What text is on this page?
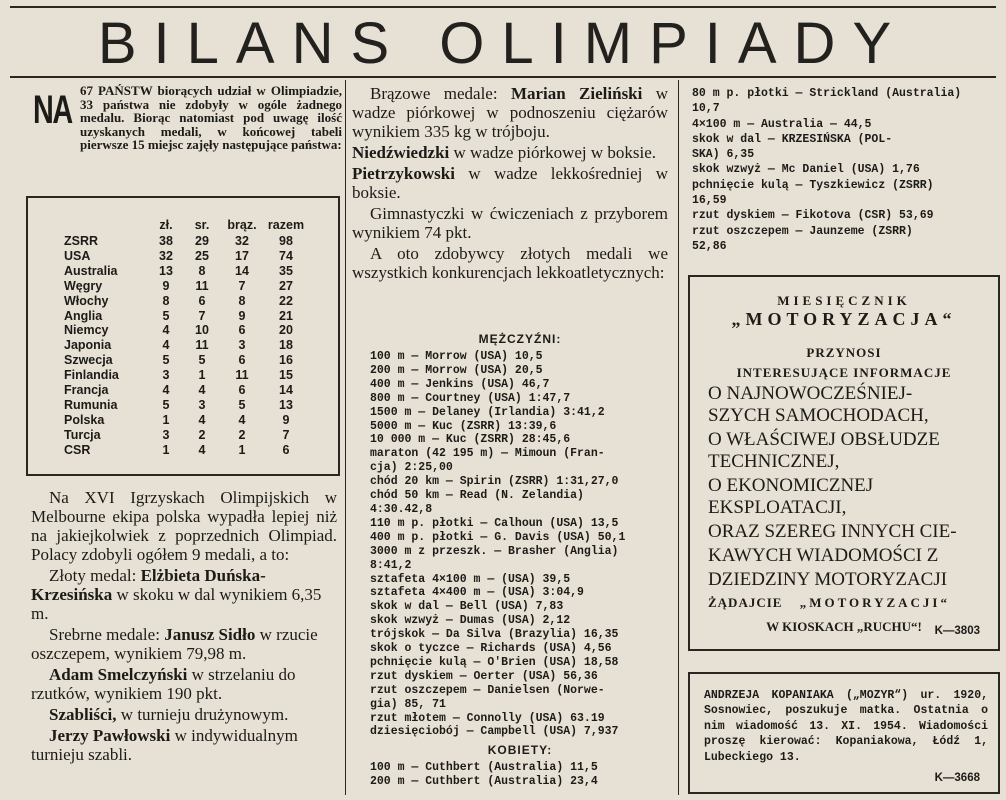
BILANS OLIMPIADY
NA 67 PAŃSTW biorących udział w Olimpiadzie, 33 państwa nie zdobyły w ogóle żadnego medalu. Biorąc natomiast pod uwagę ilość uzyskanych medali, w końcowej tabeli pierwsze 15 miejsc zajęły następujące państwa:
	zł.	sr.	brąz.	razem
ZSRR	38	29	32	98
USA	32	25	17	74
Australia	13	8	14	35
Węgry	9	11	7	27
Włochy	8	6	8	22
Anglia	5	7	9	21
Niemcy	4	10	6	20
Japonia	4	11	3	18
Szwecja	5	5	6	16
Finlandia	3	1	11	15
Francja	4	4	6	14
Rumunia	5	3	5	13
Polska	1	4	4	9
Turcja	3	2	2	7
CSR	1	4	1	6

Na XVI Igrzyskach Olimpijskich w Melbourne ekipa polska wypadła lepiej niż na jakiejkolwiek z poprzednich Olimpiad. Polacy zdobyli ogółem 9 medali, a to:

Złoty medal: Elżbieta Duńska-Krzesińska w skoku w dal wynikiem 6,35 m.

Srebrne medale: Janusz Sidło w rzucie oszczepem, wynikiem 79,98 m.

Adam Smelczyński w strzelaniu do rzutków, wynikiem 190 pkt.

Szabliści, w turnieju drużynowym.

Jerzy Pawłowski w indywidualnym turnieju szabli.

Brązowe medale: Marian Zieliński w wadze piórkowej w podnoszeniu ciężarów wynikiem 335 kg w trójboju.

Niedźwiedzki w wadze piórkowej w boksie.

Pietrzykowski w wadze lekkośredniej w boksie.

Gimnastyczki w ćwiczeniach z przyborem wynikiem 74 pkt.

A oto zdobywcy złotych medali we wszystkich konkurencjach lekkoatletycznych:

MĘŻCZYŹNI:
100 m — Morrow (USA) 10,5
200 m — Morrow (USA) 20,5
400 m — Jenkins (USA) 46,7
800 m — Courtney (USA) 1:47,7
1500 m — Delaney (Irlandia) 3:41,2
5000 m — Kuc (ZSRR) 13:39,6
10 000 m — Kuc (ZSRR) 28:45,6
maraton (42 195 m) — Mimoun (Fran-
cja) 2:25,00
chód 20 km — Spirin (ZSRR) 1:31,27,0
chód 50 km — Read (N. Zelandia)
4:30.42,8
110 m p. płotki — Calhoun (USA) 13,5
400 m p. płotki — G. Davis (USA) 50,1
3000 m z przeszk. — Brasher (Anglia)
8:41,2
sztafeta 4×100 m — (USA) 39,5
sztafeta 4×400 m — (USA) 3:04,9
skok w dal — Bell (USA) 7,83
skok wzwyż — Dumas (USA) 2,12
trójskok — Da Silva (Brazylia) 16,35
skok o tyczce — Richards (USA) 4,56
pchnięcie kulą — O'Brien (USA) 18,58
rzut dyskiem — Oerter (USA) 56,36
rzut oszczepem — Danielsen (Norwe-
gia) 85, 71
rzut młotem — Connolly (USA) 63.19
dziesięciobój — Campbell (USA) 7,937
KOBIETY:
100 m — Cuthbert (Australia) 11,5
200 m — Cuthbert (Australia) 23,4
80 m p. płotki — Strickland (Australia)
10,7
4×100 m — Australia — 44,5
skok w dal — KRZESIŃSKA (POL-
SKA) 6,35
skok wzwyż — Mc Daniel (USA) 1,76
pchnięcie kulą — Tyszkiewicz (ZSRR)
16,59
rzut dyskiem — Fikotova (CSR) 53,69
rzut oszczepem — Jaunzeme (ZSRR)
52,86
MIESIĘCZNIK
„MOTORYZACJA“
PRZYNOSI
INTERESUJĄCE INFORMACJE
O NAJNOWOCZEŚNIEJ-
SZYCH SAMOCHODACH,
O WŁAŚCIWEJ OBSŁUDZE
TECHNICZNEJ,
O EKONOMICZNEJ
EKSPLOATACJI,
ORAZ SZEREG INNYCH CIE-
KAWYCH WIADOMOŚCI Z
DZIEDZINY MOTORYZACJI
ŻĄDAJCIE „MOTORYZACJI“
W KIOSKACH „RUCHU“!	K—3803
ANDRZEJA KOPANIAKA („MOZYR“) ur. 1920, Sosnowiec, poszukuje matka. Ostatnia o nim wiadomość 13. XI. 1954. Wiadomości proszę kierować: Kopaniakowa, Łódź 1, Lubeckiego 13.
K—3668
